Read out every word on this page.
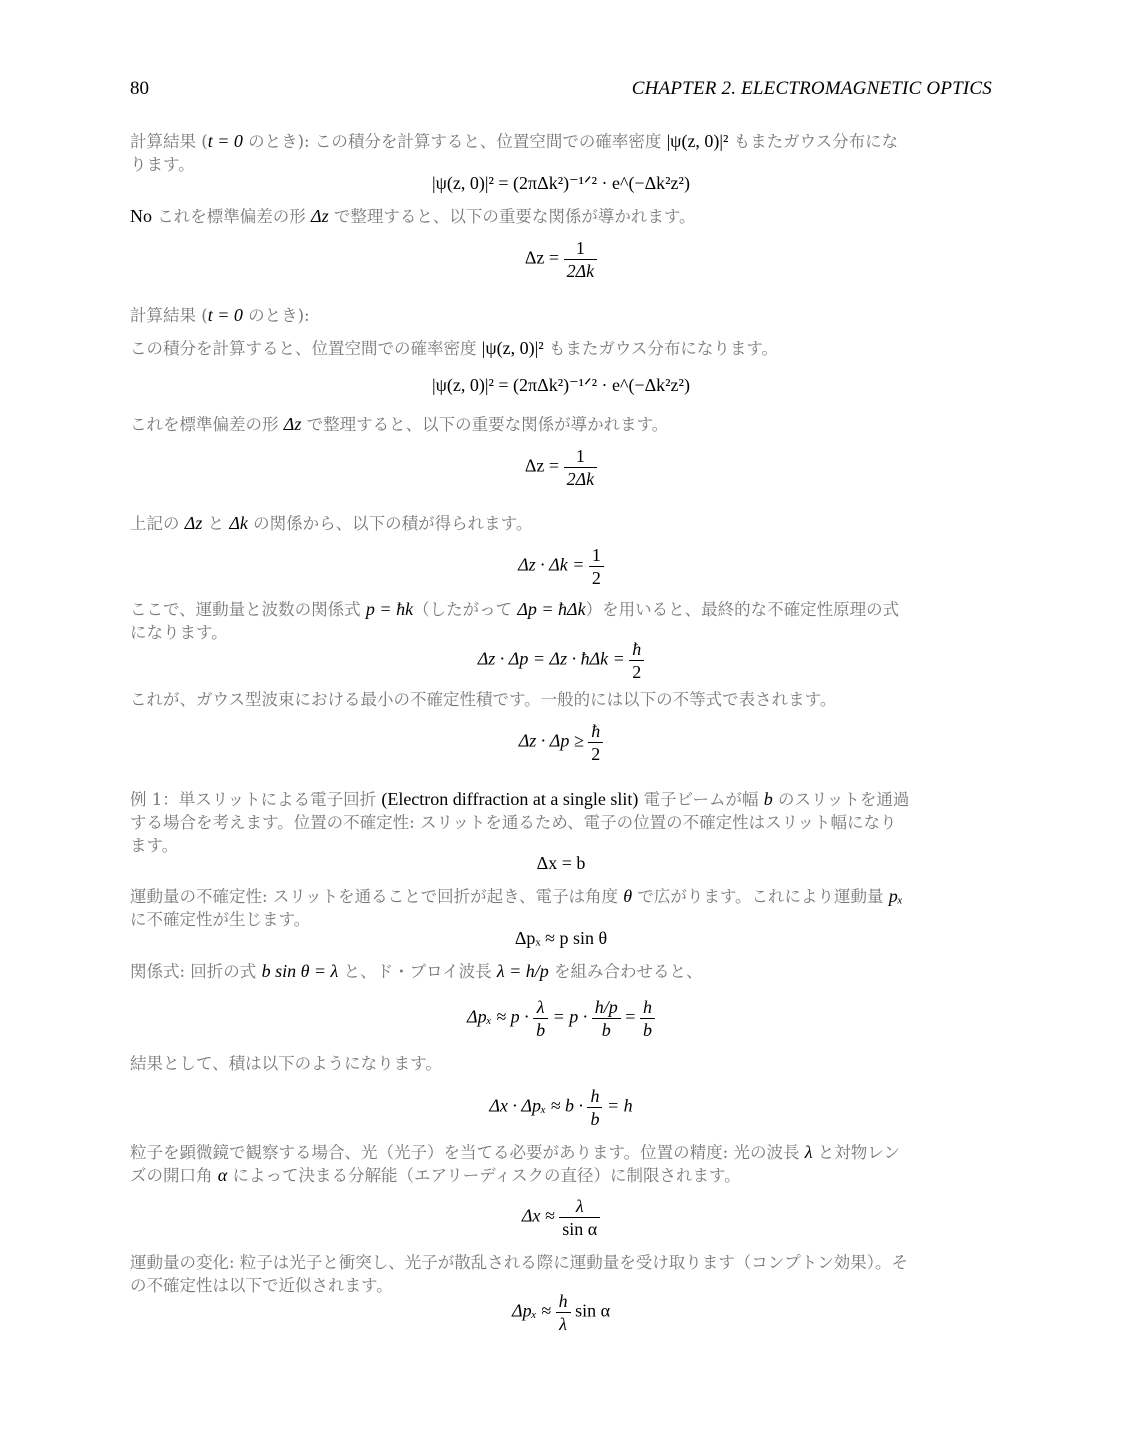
80	CHAPTER 2. ELECTROMAGNETIC OPTICS
計算結果 (t = 0 のとき): この積分を計算すると、位置空間での確率密度 |ψ(z, 0)|² もまたガウス分布にな
ります。
|ψ(z, 0)|² = (2πΔk²)⁻¹ᐟ² · e^(−Δk²z²)
No これを標準偏差の形 Δz で整理すると、以下の重要な関係が導かれます。
$\Delta z = \frac{1}{2\Delta k}$
計算結果 (t = 0 のとき):
この積分を計算すると、位置空間での確率密度 |ψ(z, 0)|² もまたガウス分布になります。
|ψ(z, 0)|² = (2πΔk²)⁻¹ᐟ² · e^(−Δk²z²)
これを標準偏差の形 Δz で整理すると、以下の重要な関係が導かれます。
$\Delta z = \frac{1}{2\Delta k}$
上記の Δz と Δk の関係から、以下の積が得られます。
$\Delta z \cdot \Delta k = \frac{1}{2}$
ここで、運動量と波数の関係式 p = ħk（したがって Δp = ħΔk）を用いると、最終的な不確定性原理の式
になります。
Δz · Δp = Δz · ħΔk = $\frac{ħ}{2}$
これが、ガウス型波束における最小の不確定性積です。一般的には以下の不等式で表されます。
$\Delta z \cdot \Delta p \ge \frac{ħ}{2}$
例 1：単スリットによる電子回折 (Electron diffraction at a single slit) 電子ビームが幅 b のスリットを通過
する場合を考えます。位置の不確定性: スリットを通るため、電子の位置の不確定性はスリット幅になり
ます。
Δx = b
運動量の不確定性: スリットを通ることで回折が起き、電子は角度 θ で広がります。これにより運動量 pₓ
に不確定性が生じます。
Δpₓ ≈ p sin θ
関係式: 回折の式 b sin θ = λ と、ド・ブロイ波長 λ = h/p を組み合わせると、
$\Delta p_x \approx p \cdot \frac{\lambda}{b} = p \cdot \frac{h/p}{b} = \frac{h}{b}$
結果として、積は以下のようになります。
$\Delta x \cdot \Delta p_x \approx b \cdot \frac{h}{b} = h$
粒子を顕微鏡で観察する場合、光（光子）を当てる必要があります。位置の精度: 光の波長 λ と対物レン
ズの開口角 α によって決まる分解能（エアリーディスクの直径）に制限されます。
$\Delta x \approx \frac{\lambda}{\text{sin α}}$
運動量の変化: 粒子は光子と衝突し、光子が散乱される際に運動量を受け取ります（コンプトン効果）。そ
の不確定性は以下で近似されます。
$\Delta p_x \approx \frac{h}{\lambda}$ sin α
